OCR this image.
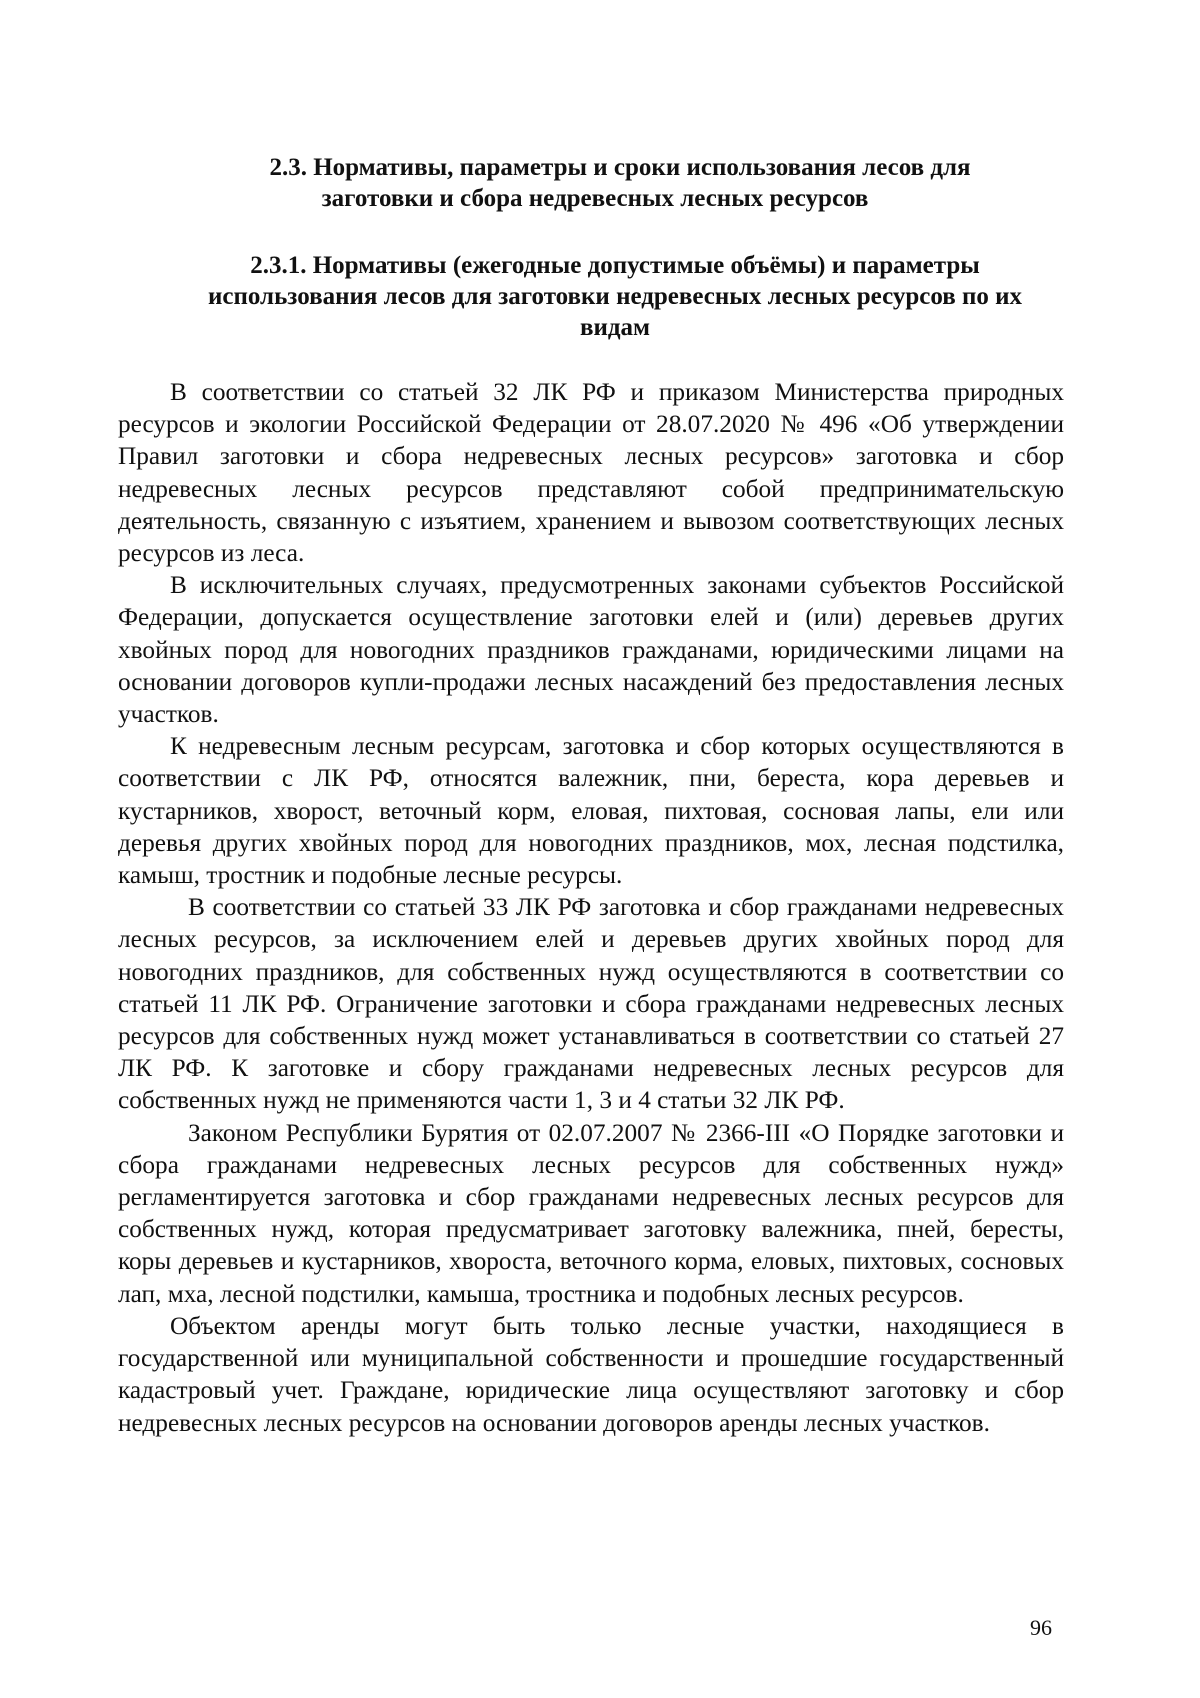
2.3. Нормативы, параметры и сроки использования лесов для
заготовки и сбора недревесных лесных ресурсов
2.3.1. Нормативы (ежегодные допустимые объёмы) и параметры
использования лесов для заготовки недревесных лесных ресурсов по их
видам

В соответствии со статьей 32 ЛК РФ и приказом Министерства природных ресурсов и экологии Российской Федерации от 28.07.2020 № 496 «Об утверждении Правил заготовки и сбора недревесных лесных ресурсов» заготовка и сбор недревесных лесных ресурсов представляют собой предпринимательскую деятельность, связанную с изъятием, хранением и вывозом соответствующих лесных ресурсов из леса.

В исключительных случаях, предусмотренных законами субъектов Российской Федерации, допускается осуществление заготовки елей и (или) деревьев других хвойных пород для новогодних праздников гражданами, юридическими лицами на основании договоров купли-продажи лесных насаждений без предоставления лесных участков.

К недревесным лесным ресурсам, заготовка и сбор которых осуществляются в соответствии с ЛК РФ, относятся валежник, пни, береста, кора деревьев и кустарников, хворост, веточный корм, еловая, пихтовая, сосновая лапы, ели или деревья других хвойных пород для новогодних праздников, мох, лесная подстилка, камыш, тростник и подобные лесные ресурсы.

В соответствии со статьей 33 ЛК РФ заготовка и сбор гражданами недревесных лесных ресурсов, за исключением елей и деревьев других хвойных пород для новогодних праздников, для собственных нужд осуществляются в соответствии со статьей 11 ЛК РФ. Ограничение заготовки и сбора гражданами недревесных лесных ресурсов для собственных нужд может устанавливаться в соответствии со статьей 27 ЛК РФ. К заготовке и сбору гражданами недревесных лесных ресурсов для собственных нужд не применяются части 1, 3 и 4 статьи 32 ЛК РФ.

Законом Республики Бурятия от 02.07.2007 № 2366-III «О Порядке заготовки и сбора гражданами недревесных лесных ресурсов для собственных нужд» регламентируется заготовка и сбор гражданами недревесных лесных ресурсов для собственных нужд, которая предусматривает заготовку валежника, пней, бересты, коры деревьев и кустарников, хвороста, веточного корма, еловых, пихтовых, сосновых лап, мха, лесной подстилки, камыша, тростника и подобных лесных ресурсов.

Объектом аренды могут быть только лесные участки, находящиеся в государственной или муниципальной собственности и прошедшие государственный кадастровый учет. Граждане, юридические лица осуществляют заготовку и сбор недревесных лесных ресурсов на основании договоров аренды лесных участков.

96
